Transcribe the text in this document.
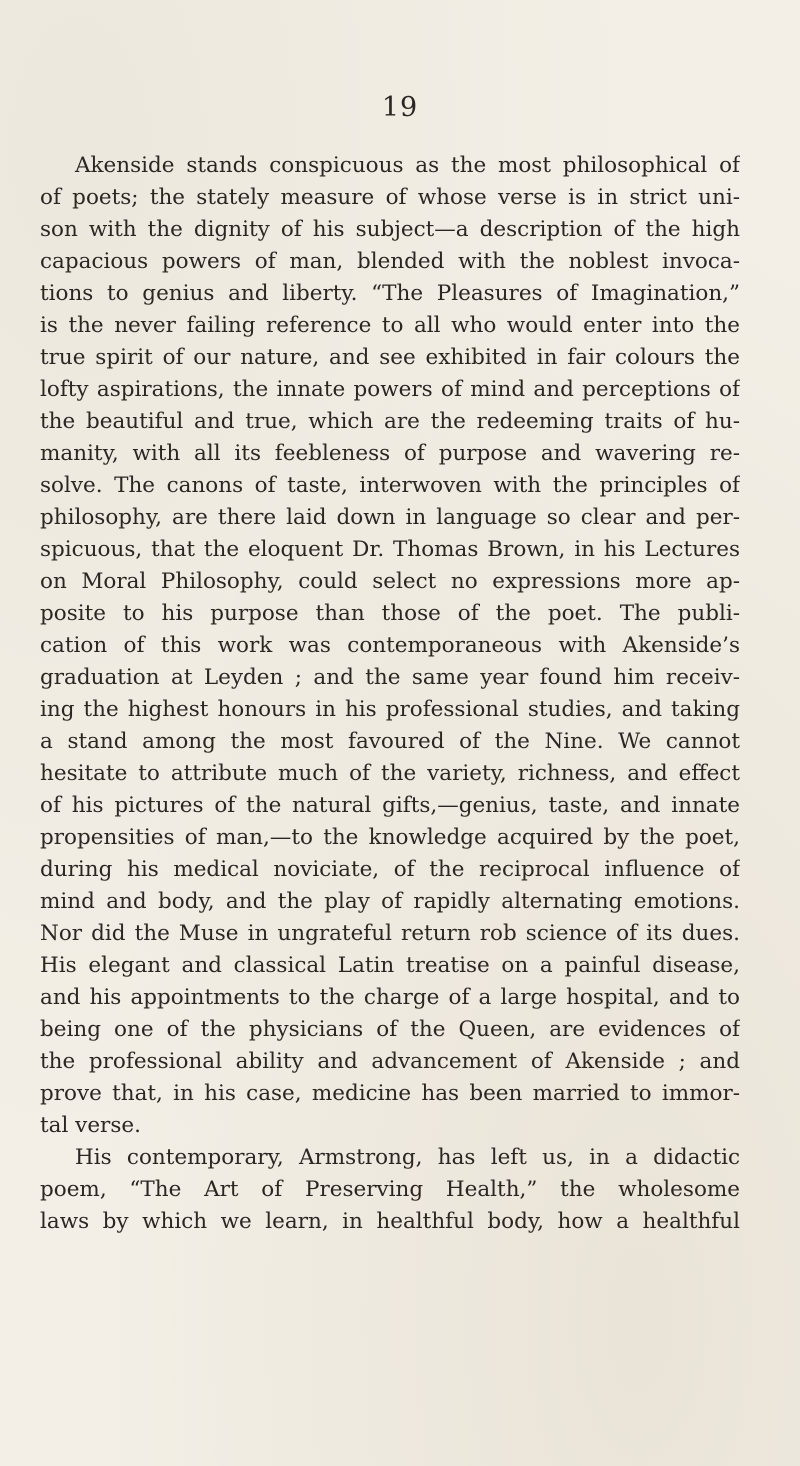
19
Akenside stands conspicuous as the most philosophical of
of poets; the stately measure of whose verse is in strict uni-
son with the dignity of his subject—a description of the high
capacious powers of man, blended with the noblest invoca-
tions to genius and liberty. “The Pleasures of Imagination,”
is the never failing reference to all who would enter into the
true spirit of our nature, and see exhibited in fair colours the
lofty aspirations, the innate powers of mind and perceptions of
the beautiful and true, which are the redeeming traits of hu-
manity, with all its feebleness of purpose and wavering re-
solve. The canons of taste, interwoven with the principles of
philosophy, are there laid down in language so clear and per-
spicuous, that the eloquent Dr. Thomas Brown, in his Lectures
on Moral Philosophy, could select no expressions more ap-
posite to his purpose than those of the poet. The publi-
cation of this work was contemporaneous with Akenside’s
graduation at Leyden ; and the same year found him receiv-
ing the highest honours in his professional studies, and taking
a stand among the most favoured of the Nine. We cannot
hesitate to attribute much of the variety, richness, and effect
of his pictures of the natural gifts,—genius, taste, and innate
propensities of man,—to the knowledge acquired by the poet,
during his medical noviciate, of the reciprocal influence of
mind and body, and the play of rapidly alternating emotions.
Nor did the Muse in ungrateful return rob science of its dues.
His elegant and classical Latin treatise on a painful disease,
and his appointments to the charge of a large hospital, and to
being one of the physicians of the Queen, are evidences of
the professional ability and advancement of Akenside ; and
prove that, in his case, medicine has been married to immor-
tal verse.
His contemporary, Armstrong, has left us, in a didactic
poem, “The Art of Preserving Health,” the wholesome
laws by which we learn, in healthful body, how a healthful
